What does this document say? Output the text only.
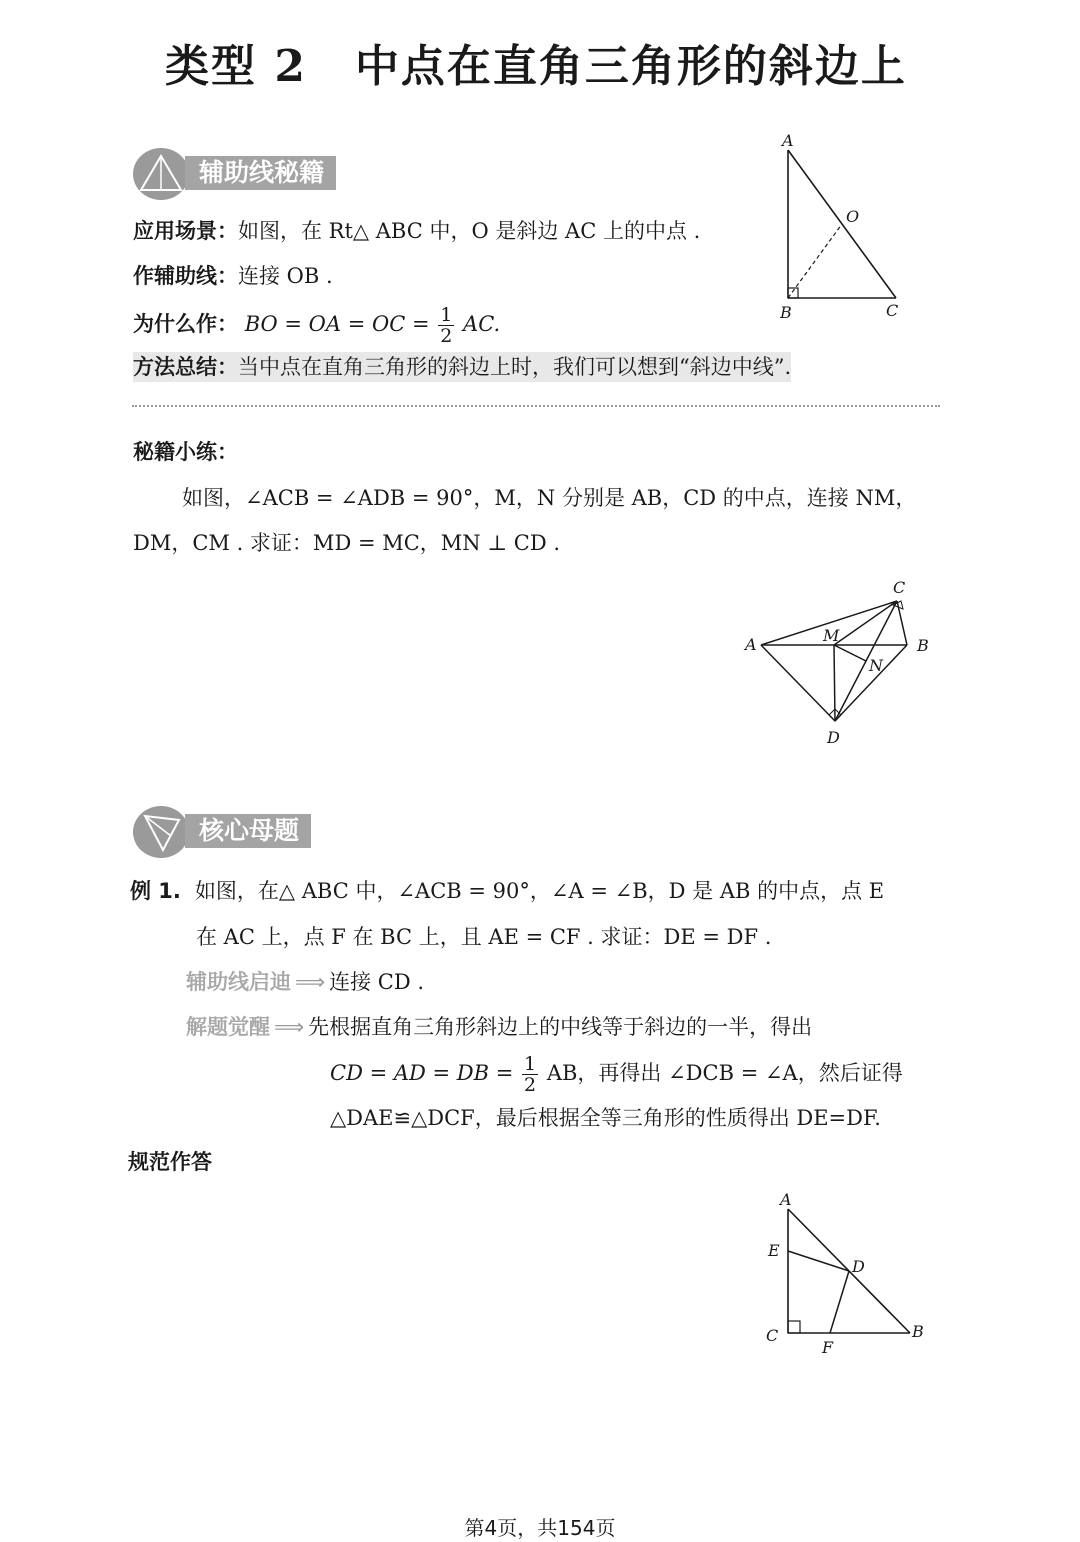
类型 2 中点在直角三角形的斜边上
辅助线秘籍
应用场景：如图，在 Rt△ ABC 中，O 是斜边 AC 上的中点 .
作辅助线：连接 OB .
为什么作： BO = OA = OC = $\frac{1}{2}$ AC.
方法总结：当中点在直角三角形的斜边上时，我们可以想到“斜边中线”.
A
O
B	C
秘籍小练：
如图，∠ACB = ∠ADB = 90°，M，N 分别是 AB，CD 的中点，连接 NM，
DM，CM . 求证：MD = MC，MN ⊥ CD .
A	B
C
D
M
N
核心母题
例 1. 如图，在△ ABC 中，∠ACB = 90°，∠A = ∠B，D 是 AB 的中点，点 E
在 AC 上，点 F 在 BC 上，且 AE = CF . 求证：DE = DF .
辅助线启迪 ⟹ 连接 CD .
解题觉醒 ⟹ 先根据直角三角形斜边上的中线等于斜边的一半，得出
CD = AD = DB = $\frac{1}{2}$ AB，再得出 ∠DCB = ∠A，然后证得
△DAE≌△DCF，最后根据全等三角形的性质得出 DE=DF.
规范作答
A
E
D
C
F
B
第4页，共154页
